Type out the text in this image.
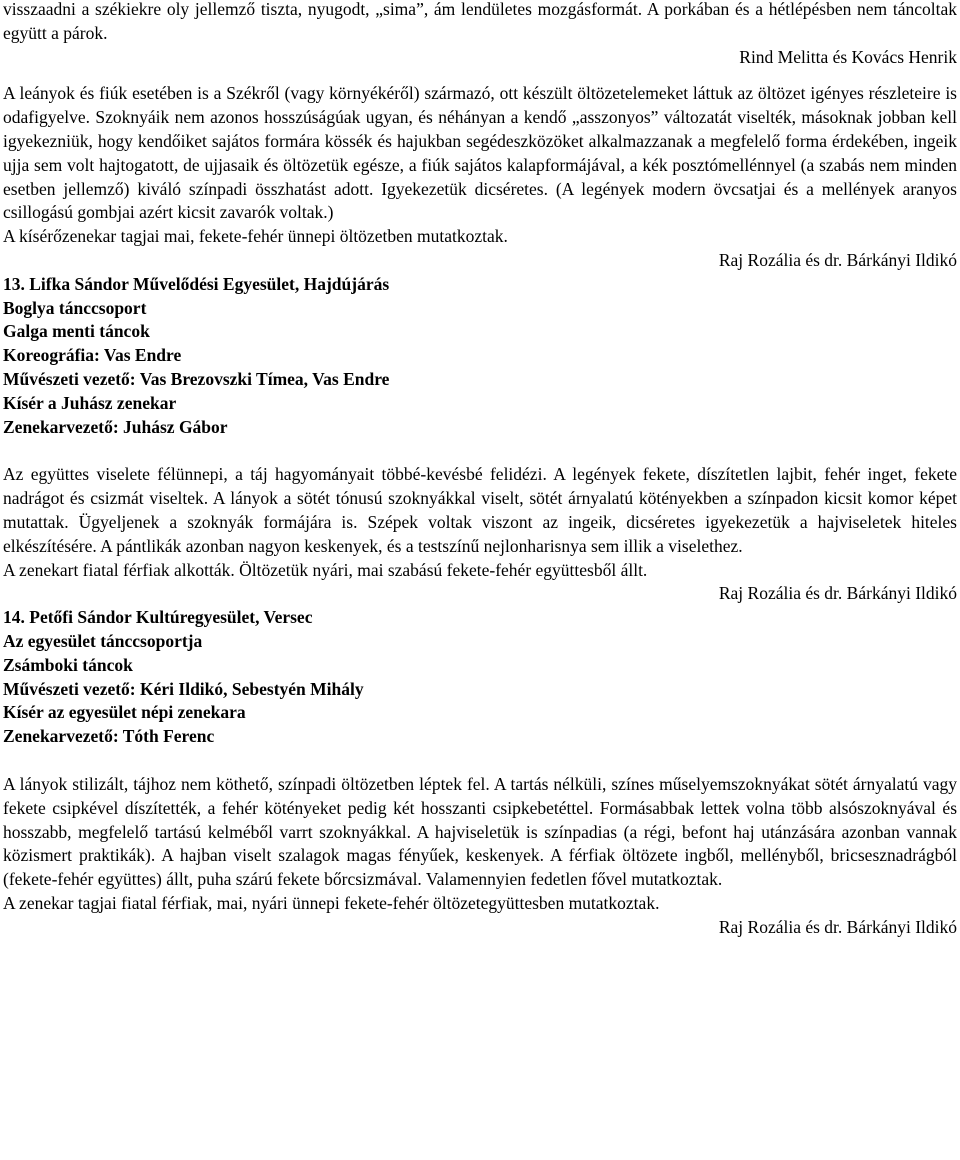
visszaadni a székiekre oly jellemző tiszta, nyugodt, „sima”, ám lendületes mozgásformát. A porkában és a hétlépésben nem táncoltak együtt a párok.

Rind Melitta és Kovács Henrik

A leányok és fiúk esetében is a Székről (vagy környékéről) származó, ott készült öltözetelemeket láttuk az öltözet igényes részleteire is odafigyelve. Szoknyáik nem azonos hosszúságúak ugyan, és néhányan a kendő „asszonyos” változatát viselték, másoknak jobban kell igyekezniük, hogy kendőiket sajátos formára kössék és hajukban segédeszközöket alkalmazzanak a megfelelő forma érdekében, ingeik ujja sem volt hajtogatott, de ujjasaik és öltözetük egésze, a fiúk sajátos kalapformájával, a kék posztómellénnyel (a szabás nem minden esetben jellemző) kiváló színpadi összhatást adott. Igyekezetük dicséretes. (A legények modern övcsatjai és a mellények aranyos csillogású gombjai azért kicsit zavarók voltak.)

A kísérőzenekar tagjai mai, fekete-fehér ünnepi öltözetben mutatkoztak.

Raj Rozália és dr. Bárkányi Ildikó

13. Lifka Sándor Művelődési Egyesület, Hajdújárás

Boglya tánccsoport

Galga menti táncok

Koreográfia: Vas Endre

Művészeti vezető: Vas Brezovszki Tímea, Vas Endre

Kísér a Juhász zenekar

Zenekarvezető: Juhász Gábor

Az együttes viselete félünnepi, a táj hagyományait többé-kevésbé felidézi. A legények fekete, díszítetlen lajbit, fehér inget, fekete nadrágot és csizmát viseltek. A lányok a sötét tónusú szoknyákkal viselt, sötét árnyalatú kötényekben a színpadon kicsit komor képet mutattak. Ügyeljenek a szoknyák formájára is. Szépek voltak viszont az ingeik, dicséretes igyekezetük a hajviseletek hiteles elkészítésére. A pántlikák azonban nagyon keskenyek, és a testszínű nejlonharisnya sem illik a viselethez.

A zenekart fiatal férfiak alkották. Öltözetük nyári, mai szabású fekete-fehér együttesből állt.

Raj Rozália és dr. Bárkányi Ildikó

14. Petőfi Sándor Kultúregyesület, Versec

Az egyesület tánccsoportja

Zsámboki táncok

Művészeti vezető: Kéri Ildikó, Sebestyén Mihály

Kísér az egyesület népi zenekara

Zenekarvezető: Tóth Ferenc

A lányok stilizált, tájhoz nem köthető, színpadi öltözetben léptek fel. A tartás nélküli, színes műselyemszoknyákat sötét árnyalatú vagy fekete csipkével díszítették, a fehér kötényeket pedig két hosszanti csipkebetéttel. Formásabbak lettek volna több alsószoknyával és hosszabb, megfelelő tartású kelméből varrt szoknyákkal. A hajviseletük is színpadias (a régi, befont haj utánzására azonban vannak közismert praktikák). A hajban viselt szalagok magas fényűek, keskenyek. A férfiak öltözete ingből, mellényből, bricsesznadrágból (fekete-fehér együttes) állt, puha szárú fekete bőrcsizmával. Valamennyien fedetlen fővel mutatkoztak.

A zenekar tagjai fiatal férfiak, mai, nyári ünnepi fekete-fehér öltözetegyüttesben mutatkoztak.

Raj Rozália és dr. Bárkányi Ildikó
